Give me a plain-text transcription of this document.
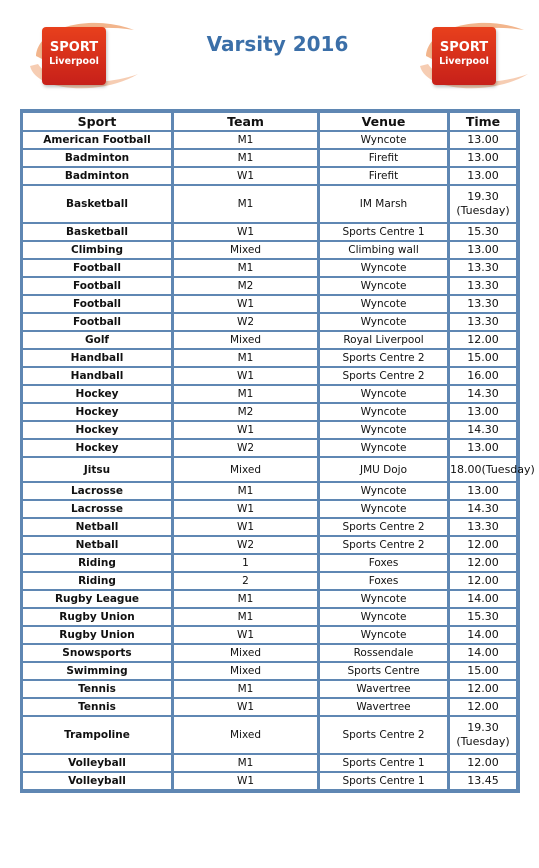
SPORT
Liverpool
Varsity 2016	SPORT
Liverpool
Sport	Team	Venue	Time
American Football	M1	Wyncote	13.00
Badminton	M1	Firefit	13.00
Badminton	W1	Firefit	13.00
Basketball	M1	IM Marsh	19.30 (Tuesday)
Basketball	W1	Sports Centre 1	15.30
Climbing	Mixed	Climbing wall	13.00
Football	M1	Wyncote	13.30
Football	M2	Wyncote	13.30
Football	W1	Wyncote	13.30
Football	W2	Wyncote	13.30
Golf	Mixed	Royal Liverpool	12.00
Handball	M1	Sports Centre 2	15.00
Handball	W1	Sports Centre 2	16.00
Hockey	M1	Wyncote	14.30
Hockey	M2	Wyncote	13.00
Hockey	W1	Wyncote	14.30
Hockey	W2	Wyncote	13.00
Jitsu	Mixed	JMU Dojo	18.00(Tuesday)
Lacrosse	M1	Wyncote	13.00
Lacrosse	W1	Wyncote	14.30
Netball	W1	Sports Centre 2	13.30
Netball	W2	Sports Centre 2	12.00
Riding	1	Foxes	12.00
Riding	2	Foxes	12.00
Rugby League	M1	Wyncote	14.00
Rugby Union	M1	Wyncote	15.30
Rugby Union	W1	Wyncote	14.00
Snowsports	Mixed	Rossendale	14.00
Swimming	Mixed	Sports Centre	15.00
Tennis	M1	Wavertree	12.00
Tennis	W1	Wavertree	12.00
Trampoline	Mixed	Sports Centre 2	19.30 (Tuesday)
Volleyball	M1	Sports Centre 1	12.00
Volleyball	W1	Sports Centre 1	13.45
